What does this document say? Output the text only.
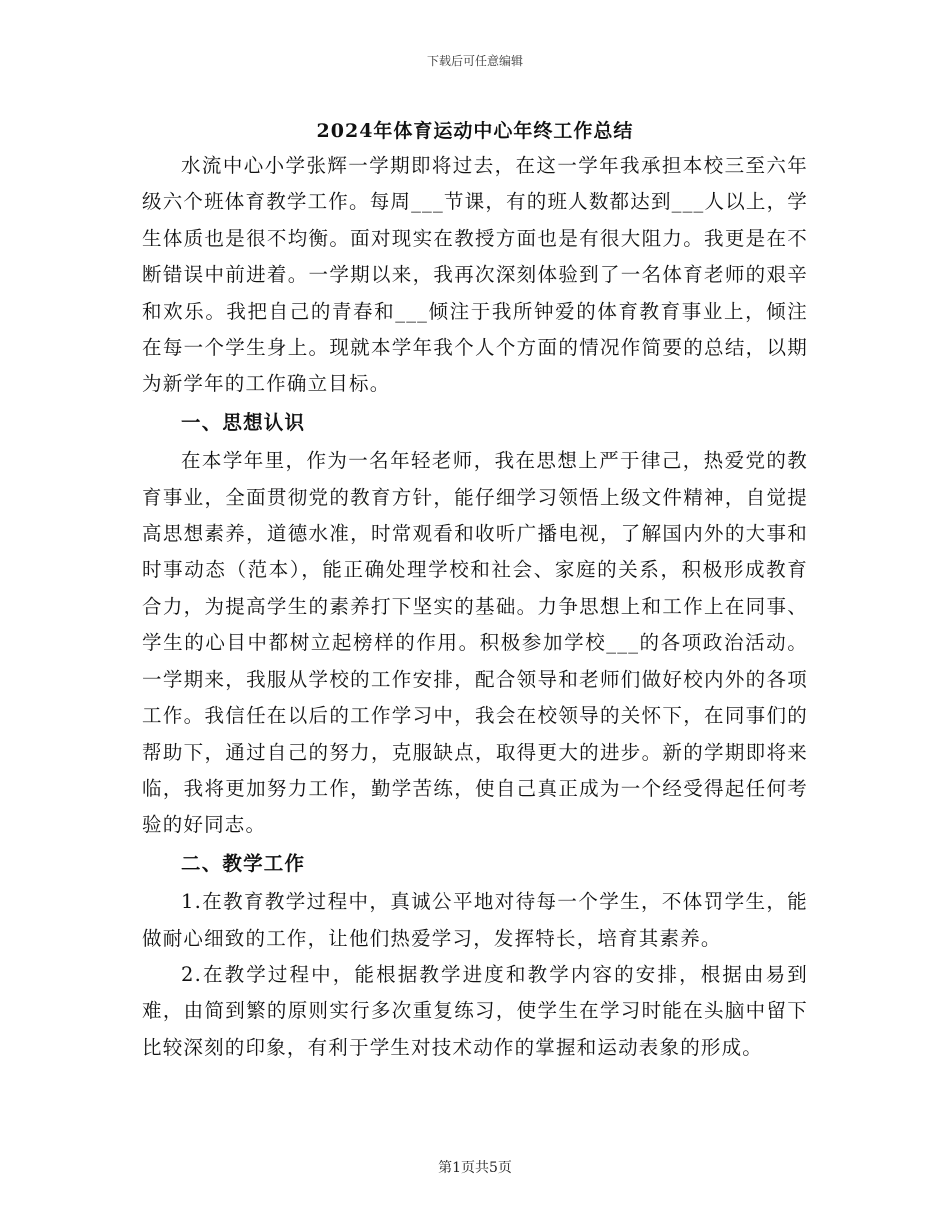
下载后可任意编辑
2024年体育运动中心年终工作总结

水流中心小学张辉一学期即将过去，在这一学年我承担本校三至六年级六个班体育教学工作。每周___节课，有的班人数都达到___人以上，学生体质也是很不均衡。面对现实在教授方面也是有很大阻力。我更是在不断错误中前进着。一学期以来，我再次深刻体验到了一名体育老师的艰辛和欢乐。我把自己的青春和___倾注于我所钟爱的体育教育事业上，倾注在每一个学生身上。现就本学年我个人个方面的情况作简要的总结，以期为新学年的工作确立目标。

一、思想认识

在本学年里，作为一名年轻老师，我在思想上严于律己，热爱党的教育事业，全面贯彻党的教育方针，能仔细学习领悟上级文件精神，自觉提高思想素养，道德水准，时常观看和收听广播电视，了解国内外的大事和时事动态（范本），能正确处理学校和社会、家庭的关系，积极形成教育合力，为提高学生的素养打下坚实的基础。力争思想上和工作上在同事、学生的心目中都树立起榜样的作用。积极参加学校___的各项政治活动。一学期来，我服从学校的工作安排，配合领导和老师们做好校内外的各项工作。我信任在以后的工作学习中，我会在校领导的关怀下，在同事们的帮助下，通过自己的努力，克服缺点，取得更大的进步。新的学期即将来临，我将更加努力工作，勤学苦练，使自己真正成为一个经受得起任何考验的好同志。

二、教学工作

1.在教育教学过程中，真诚公平地对待每一个学生，不体罚学生，能做耐心细致的工作，让他们热爱学习，发挥特长，培育其素养。

2.在教学过程中，能根据教学进度和教学内容的安排，根据由易到难，由简到繁的原则实行多次重复练习，使学生在学习时能在头脑中留下比较深刻的印象，有利于学生对技术动作的掌握和运动表象的形成。

第1页共5页
